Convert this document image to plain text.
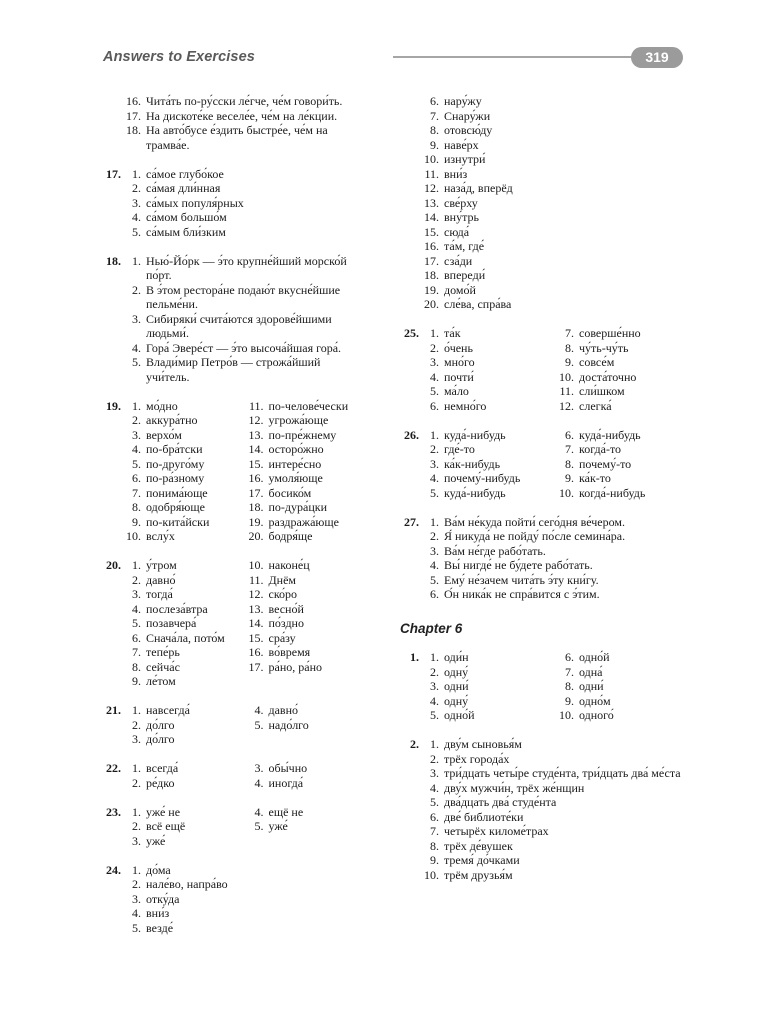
Answers to Exercises	319
16. Чита́ть по-ру́сски ле́гче, че́м говори́ть.
17. На дискоте́ке веселе́е, че́м на ле́кции.
18. На авто́бусе е́здить быстре́е, че́м на трамва́е.
17. 1. са́мое глубо́кое
2. са́мая дли́нная
3. са́мых популя́рных
4. са́мом большо́м
5. са́мым бли́зким
18. 1. Нью́-Йо́рк — э́то крупне́йший морско́й по́рт.
2. В э́том рестора́не подаю́т вкусне́йшие пельме́ни.
3. Сибиряки́ счита́ются здорове́йшими людьми́.
4. Гора́ Эвере́ст — э́то высоча́йшая гора́.
5. Влади́мир Петро́в — строжа́йший учи́тель.
19. 1. мо́дно	11. по-челове́чески
2. аккура́тно	12. угрожа́юще
3. верхо́м	13. по-пре́жнему
4. по-бра́тски	14. осторо́жно
5. по-друго́му	15. интере́сно
6. по-ра́зному	16. умоля́юще
7. понима́юще	17. босико́м
8. одобря́юще	18. по-дура́цки
9. по-кита́йски	19. раздража́юще
10. вслу́х	20. бодря́ще
20. 1. у́тром	10. наконе́ц
2. давно́	11. Днём
3. тогда́	12. ско́ро
4. послеза́втра	13. весно́й
5. позавчера́	14. по́здно
6. Снача́ла, пото́м	15. сра́зу
7. тепе́рь	16. во́время
8. сейча́с	17. ра́но, ра́но
9. ле́том
21. 1. навсегда́	4. давно́
2. до́лго	5. надо́лго
3. до́лго
22. 1. всегда́	3. обы́чно
2. ре́дко	4. иногда́
23. 1. уже́ не	4. ещё не
2. всё ещё	5. уже́
3. уже́
24. 1. до́ма
2. нале́во, напра́во
3. отку́да
4. вни́з
5. везде́
6. нару́жу
7. Снару́жи
8. отовсю́ду
9. наве́рх
10. изнутри́
11. вни́з
12. наза́д, вперёд
13. све́рху
14. вну́трь
15. сюда́
16. та́м, где́
17. сза́ди
18. впереди́
19. домо́й
20. сле́ва, спра́ва
25. 1. та́к	7. соверше́нно
2. о́чень	8. чу́ть-чу́ть
3. мно́го	9. совсе́м
4. почти́	10. доста́точно
5. ма́ло	11. сли́шком
6. немно́го	12. слегка́
26. 1. куда́-нибудь	6. куда́-нибудь
2. где́-то	7. когда́-то
3. ка́к-нибудь	8. почему́-то
4. почему́-нибудь	9. ка́к-то
5. куда́-нибудь	10. когда́-нибудь
27. 1. Ва́м не́куда пойти́ сего́дня ве́чером.
2. Я́ никуда́ не пойду́ по́сле семина́ра.
3. Ва́м не́где рабо́тать.
4. Вы́ нигде́ не бу́дете рабо́тать.
5. Ему́ не́зачем чита́ть э́ту кни́гу.
6. О́н ника́к не спра́вится с э́тим.
Chapter 6
1. 1. оди́н	6. одно́й
2. одну́	7. одна́
3. одни́	8. одни́
4. одну́	9. одно́м
5. одно́й	10. одного́
2. 1. дву́м сыновья́м
2. трёх города́х
3. три́дцать четы́ре студе́нта, три́дцать два́ ме́ста
4. дву́х мужчи́н, трёх же́нщин
5. два́дцать два́ студе́нта
6. две́ библиоте́ки
7. четырёх киломе́трах
8. трёх де́вушек
9. тремя́ до́чками
10. трём друзья́м
